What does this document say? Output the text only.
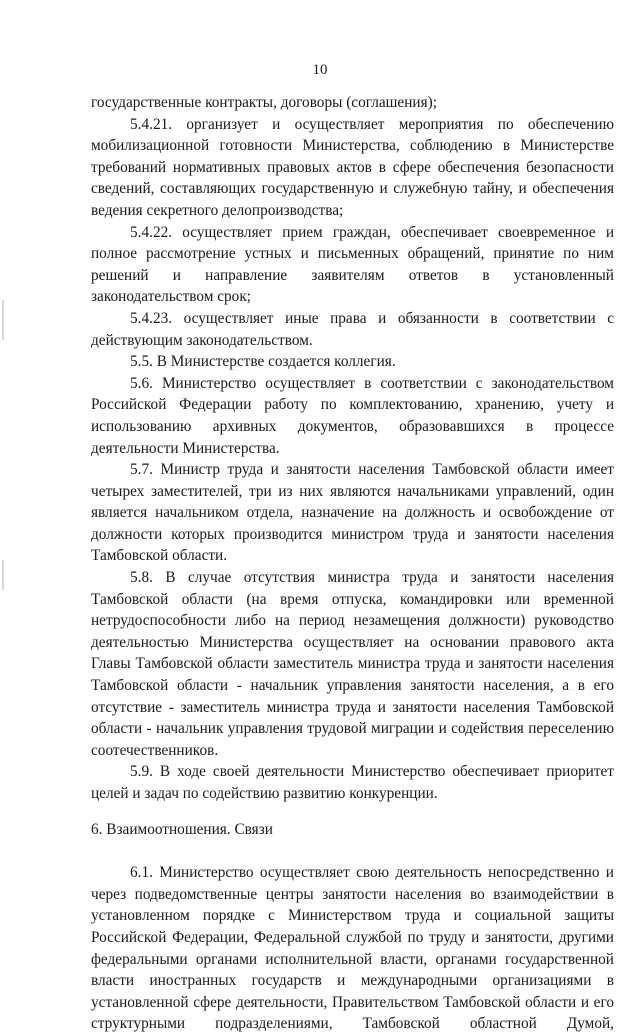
10

государственные контракты, договоры (соглашения);

5.4.21. организует и осуществляет мероприятия по обеспечению мобилизационной готовности Министерства, соблюдению в Министерстве требований нормативных правовых актов в сфере обеспечения безопасности сведений, составляющих государственную и служебную тайну, и обеспечения ведения секретного делопроизводства;

5.4.22. осуществляет прием граждан, обеспечивает своевременное и полное рассмотрение устных и письменных обращений, принятие по ним решений и направление заявителям ответов в установленный законодательством срок;

5.4.23. осуществляет иные права и обязанности в соответствии с действующим законодательством.

5.5. В Министерстве создается коллегия.

5.6. Министерство осуществляет в соответствии с законодательством Российской Федерации работу по комплектованию, хранению, учету и использованию архивных документов, образовавшихся в процессе деятельности Министерства.

5.7. Министр труда и занятости населения Тамбовской области имеет четырех заместителей, три из них являются начальниками управлений, один является начальником отдела, назначение на должность и освобождение от должности которых производится министром труда и занятости населения Тамбовской области.

5.8. В случае отсутствия министра труда и занятости населения Тамбовской области (на время отпуска, командировки или временной нетрудоспособности либо на период незамещения должности) руководство деятельностью Министерства осуществляет на основании правового акта Главы Тамбовской области заместитель министра труда и занятости населения Тамбовской области - начальник управления занятости населения, а в его отсутствие - заместитель министра труда и занятости населения Тамбовской области - начальник управления трудовой миграции и содействия переселению соотечественников.

5.9. В ходе своей деятельности Министерство обеспечивает приоритет целей и задач по содействию развитию конкуренции.

6. Взаимоотношения. Связи

6.1. Министерство осуществляет свою деятельность непосредственно и через подведомственные центры занятости населения во взаимодействии в установленном порядке с Министерством труда и социальной защиты Российской Федерации, Федеральной службой по труду и занятости, другими федеральными органами исполнительной власти, органами государственной власти иностранных государств и международными организациями в установленной сфере деятельности, Правительством Тамбовской области и его структурными подразделениями, Тамбовской областной Думой,
